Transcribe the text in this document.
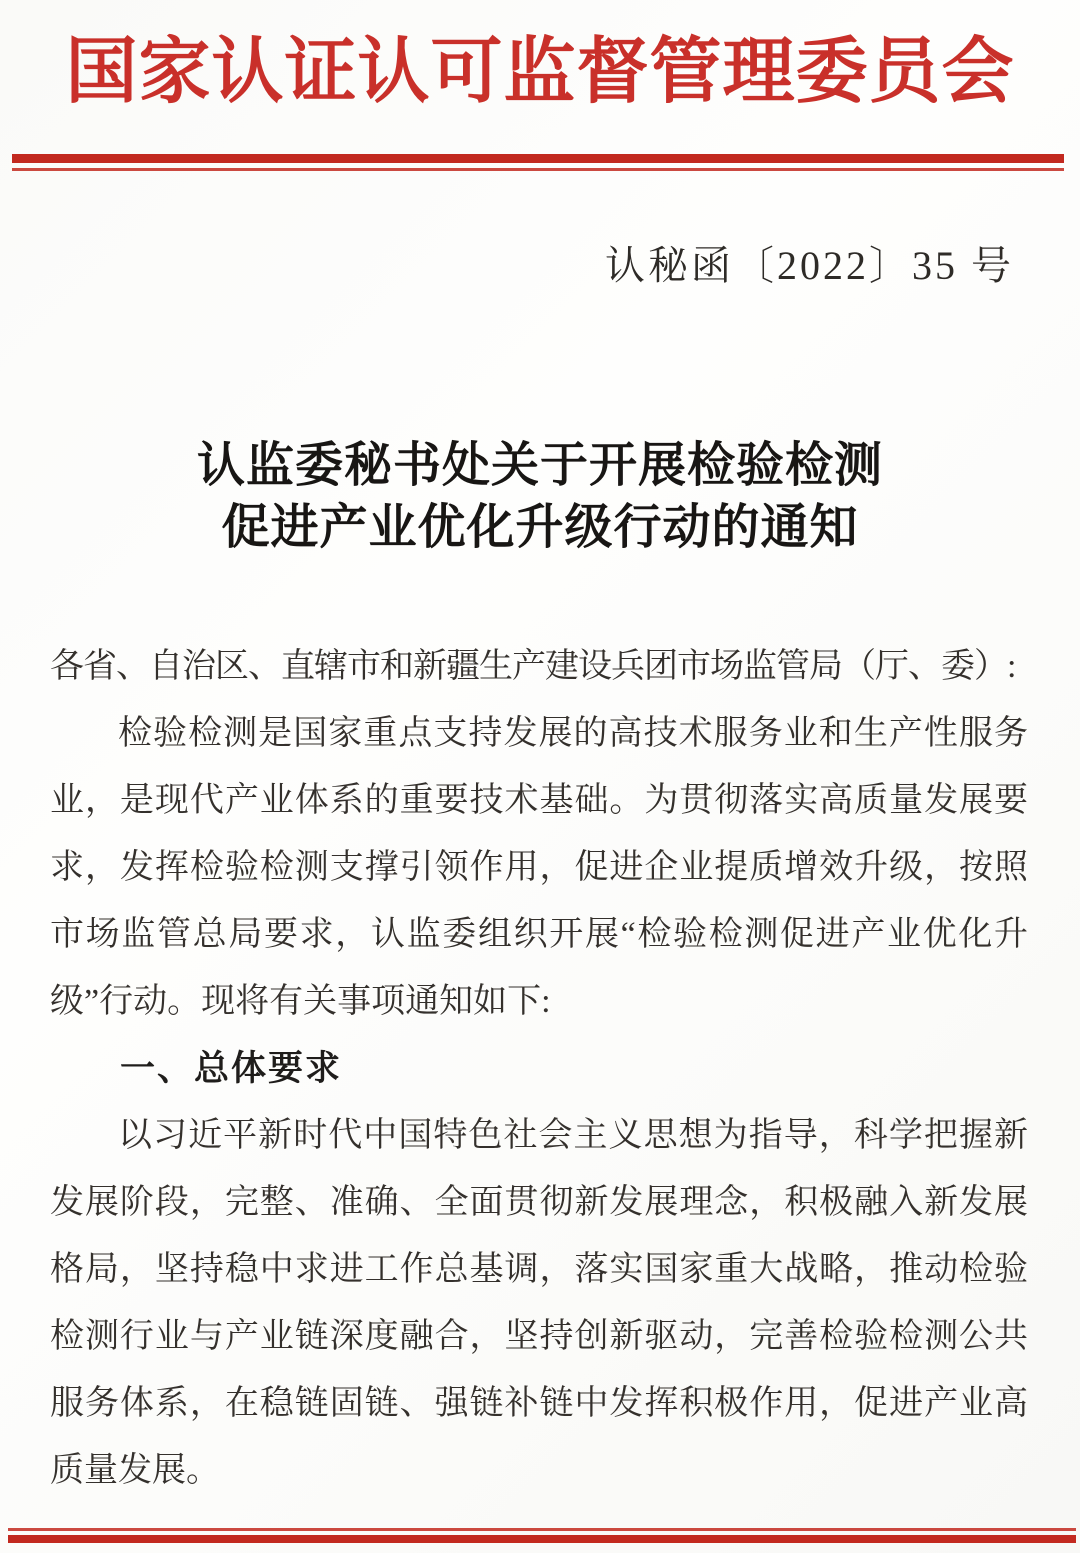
国家认证认可监督管理委员会
认秘函〔2022〕35 号
认监委秘书处关于开展检验检测
促进产业优化升级行动的通知

各省、自治区、直辖市和新疆生产建设兵团市场监管局（厅、委）:

检验检测是国家重点支持发展的高技术服务业和生产性服务业，是现代产业体系的重要技术基础。为贯彻落实高质量发展要求，发挥检验检测支撑引领作用，促进企业提质增效升级，按照市场监管总局要求，认监委组织开展“检验检测促进产业优化升级”行动。现将有关事项通知如下:

一、总体要求

以习近平新时代中国特色社会主义思想为指导，科学把握新发展阶段，完整、准确、全面贯彻新发展理念，积极融入新发展格局，坚持稳中求进工作总基调，落实国家重大战略，推动检验检测行业与产业链深度融合，坚持创新驱动，完善检验检测公共服务体系，在稳链固链、强链补链中发挥积极作用，促进产业高质量发展。
